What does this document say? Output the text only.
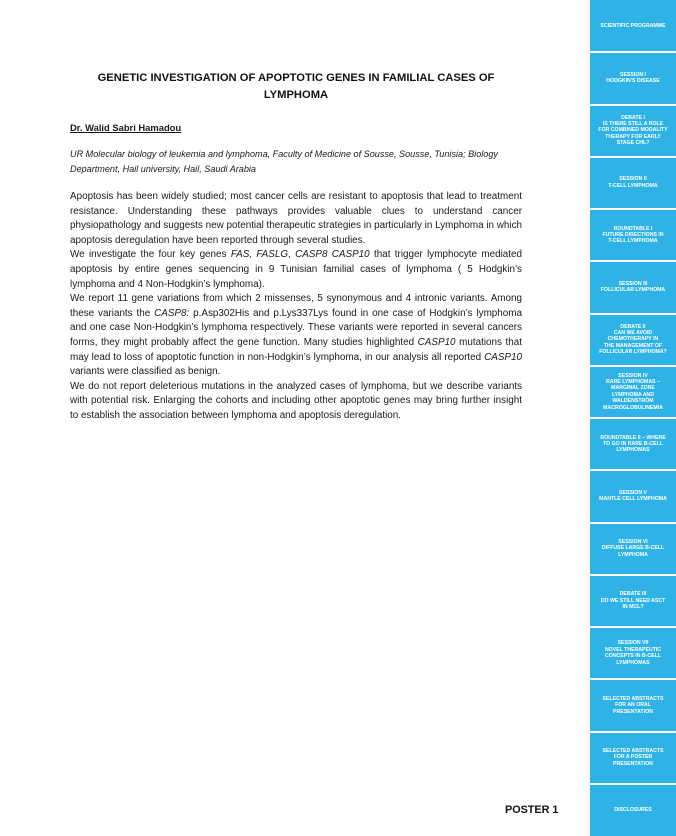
GENETIC INVESTIGATION OF APOPTOTIC GENES IN FAMILIAL CASES OF LYMPHOMA
Dr. Walid Sabri Hamadou
UR Molecular biology of leukemia and lymphoma, Faculty of Medicine of Sousse, Sousse, Tunisia; Biology Department, Hail university, Hail, Saudi Arabia

Apoptosis has been widely studied; most cancer cells are resistant to apoptosis that lead to treatment resistance. Understanding these pathways provides valuable clues to understand cancer physiopathology and suggests new potential therapeutic strategies in particularly in Lymphoma in which apoptosis deregulation have been reported through several studies.

We investigate the four key genes FAS, FASLG, CASP8 CASP10 that trigger lymphocyte mediated apoptosis by entire genes sequencing in 9 Tunisian familial cases of lymphoma ( 5 Hodgkin’s lymphoma and 4 Non-Hodgkin’s lymphoma).

We report 11 gene variations from which 2 missenses, 5 synonymous and 4 intronic variants. Among these variants the CASP8: p.Asp302His and p.Lys337Lys found in one case of Hodgkin’s lymphoma and one case Non-Hodgkin’s lymphoma respectively. These variants were reported in several cancers forms, they might probably affect the gene function. Many studies highlighted CASP10 mutations that may lead to loss of apoptotic function in non-Hodgkin’s lymphoma, in our analysis all reported CASP10 variants were classified as benign.

We do not report deleterious mutations in the analyzed cases of lymphoma, but we describe variants with potential risk. Enlarging the cohorts and including other apoptotic genes may bring further insight to establish the association between lymphoma and apoptosis deregulation.

POSTER 1
SCIENTIFIC PROGRAMME
SESSION I
HODGKIN'S DISEASE
DEBATE I
IS THERE STILL A ROLE
FOR COMBINED MODALITY
THERAPY FOR EARLY
STAGE CHL?
SESSION II
T-CELL LYMPHOMA
ROUNDTABLE I
FUTURE DIRECTIONS IN
T-CELL LYMPHOMA
SESSION III
FOLLICULAR LYMPHOMA
DEBATE II
CAN WE AVOID
CHEMOTHERAPY IN
THE MANAGEMENT OF
FOLLICULAR LYMPHOMA?
SESSION IV
RARE LYMPHOMAS –
MARGINAL ZONE
LYMPHOMA AND
WALDENSTRÖM
MACROGLOBULINEMIA
ROUNDTABLE II – WHERE
TO GO IN RARE B-CELL
LYMPHOMAS
SESSION V
MANTLE CELL LYMPHOMA
SESSION VI
DIFFUSE LARGE B-CELL
LYMPHOMA
DEBATE III
DO WE STILL NEED ASCT
IN MCL?
SESSION VII
NOVEL THERAPEUTIC
CONCEPTS IN B-CELL
LYMPHOMAS
SELECTED ABSTRACTS
FOR AN ORAL
PRESENTATION
SELECTED ABSTRACTS
FOR A POSTER
PRESENTATION
DISCLOSURES
